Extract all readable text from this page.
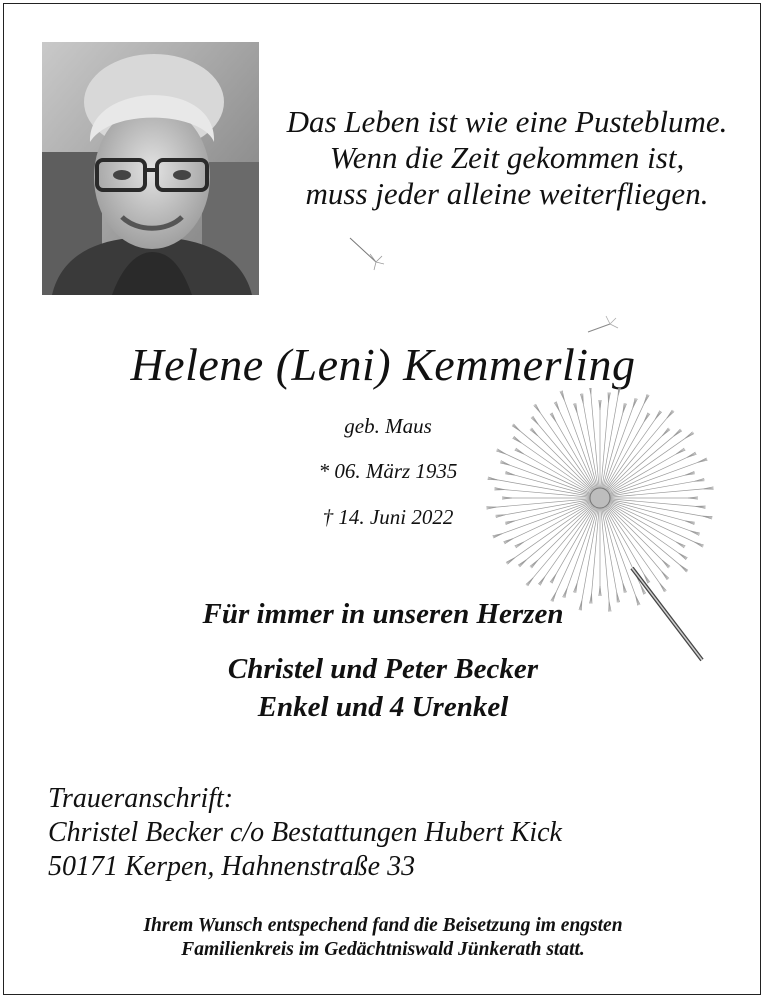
Das Leben ist wie eine Pusteblume.
Wenn die Zeit gekommen ist,
muss jeder alleine weiterfliegen.
Helene (Leni) Kemmerling
geb. Maus
* 06. März 1935
† 14. Juni 2022
Für immer in unseren Herzen
Christel und Peter Becker
Enkel und 4 Urenkel
Traueranschrift:
Christel Becker c/o Bestattungen Hubert Kick
50171 Kerpen, Hahnenstraße 33
Ihrem Wunsch entspechend fand die Beisetzung im engsten
Familienkreis im Gedächtniswald Jünkerath statt.
